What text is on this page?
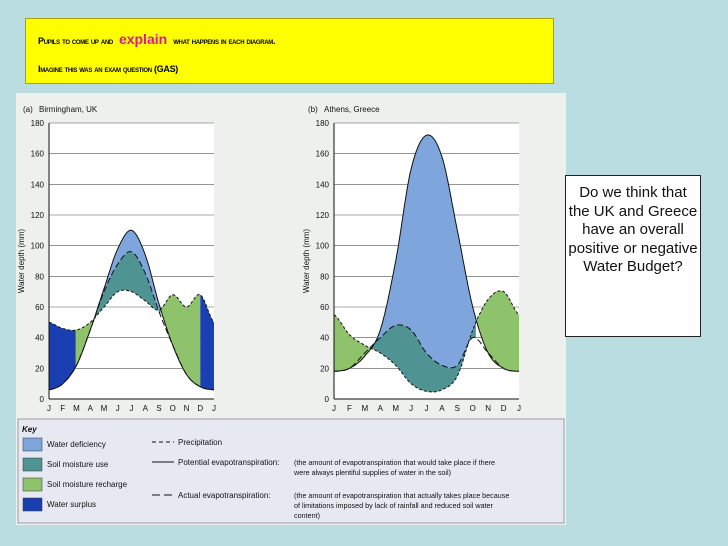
Pupils to come up and explain what happens in each diagram.
Imagine this was an exam question (GAS)
0
20
40
60
80
100
120
140
160
180
(a) Birmingham, UK
Water depth (mm)
J F M A M J J A S O N D J
0
20
40
60
80
100
120
140
160
180
(b) Athens, Greece
Water depth (mm)
J F M A M J J A S O N D J
Key
Water deficiency
Soil moisture use
Soil moisture recharge
Water surplus
Precipitation
Potential evapotranspiration:
Actual evapotranspiration:
(the amount of evapotranspiration that would take place if there
were always plentiful supplies of water in the soil)
(the amount of evapotranspiration that actually takes place because
of limitations imposed by lack of rainfall and reduced soil water
content)
Do we think that the UK and Greece have an overall positive or negative Water Budget?
